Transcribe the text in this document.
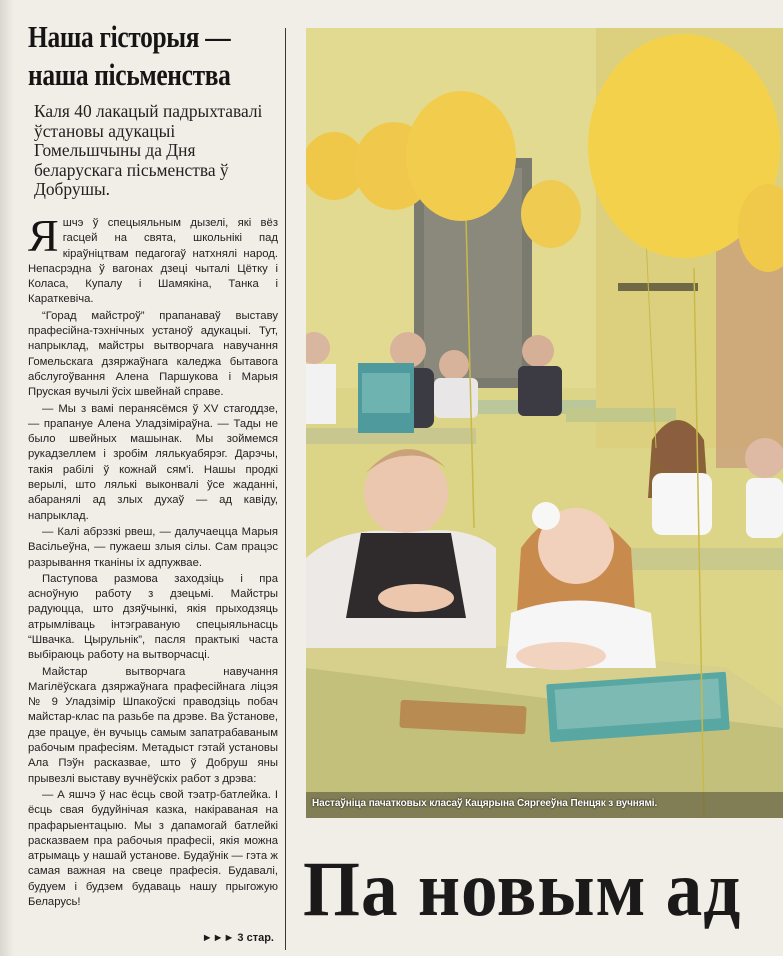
Наша гісторыя — наша пісьменства
Каля 40 лакацый падрыхтавалі ўстановы адукацыі Гомельшчыны да Дня беларускага пісьменства ў Добрушы.

Яшчэ ў спецыяльным дызелі, які вёз гасцей на свята, школьнікі пад кіраўніцтвам педагогаў натхнялі народ. Непасрэдна ў вагонах дзеці чыталі Цётку і Коласа, Купалу і Шамякіна, Танка і Караткевіча.

“Горад майстроў” прапанаваў выставу прафесійна-тэхнічных устаноў адукацыі. Тут, напрыклад, майстры вытворчага навучання Гомельскага дзяржаўнага каледжа бытавога абслугоўвання Алена Паршукова і Марыя Пруская вучылі ўсіх швейнай справе.

— Мы з вамі перанясёмся ў XV стагоддзе, — прапануе Алена Уладзіміраўна. — Тады не было швейных машынак. Мы зоймемся рукадзеллем і зробім лялькуабярэг. Дарэчы, такія рабілі ў кожнай сям'і. Нашы продкі верылі, што лялькі выконвалі ўсе жаданні, абаранялі ад злых духаў — ад кавіду, напрыклад.

— Калі абрэзкі рвеш, — далучаецца Марыя Васільеўна, — пужаеш злыя сілы. Сам працэс разрывання тканіны іх адпужвае.

Паступова размова заходзіць і пра асноўную работу з дзецьмі. Майстры радуюцца, што дзяўчынкі, якія прыходзяць атрымліваць інтэграваную спецыяльнасць “Швачка. Цырульнік”, пасля практыкі часта выбіраюць работу на вытворчасці.

Майстар вытворчага навучання Магілёўскага дзяржаўнага прафесійнага ліцэя № 9 Уладзімір Шпакоўскі праводзіць побач майстар-клас па разьбе па дрэве. Ва ўстанове, дзе працуе, ён вучыць самым запатрабаваным рабочым прафесіям. Метадыст гэтай установы Ала Пэўн расказвае, што ў Добруш яны прывезлі выставу вучнёўскіх работ з дрэва:

— А яшчэ ў нас ёсць свой тэатр-батлейка. І ёсць свая будуйнічая казка, накіраваная на прафарыентацыю. Мы з дапамогай батлейкі расказваем пра рабочыя прафесіі, якія можна атрымаць у нашай установе. Будаўнік — гэта ж самая важная на свеце прафесія. Будавалі, будуем і будзем будаваць нашу прыгожую Беларусь!

►►► 3 стар.
Настаўніца пачатковых класаў Кацярына Сяргееўна Пенцяк з вучнямі.
Па новым ад
